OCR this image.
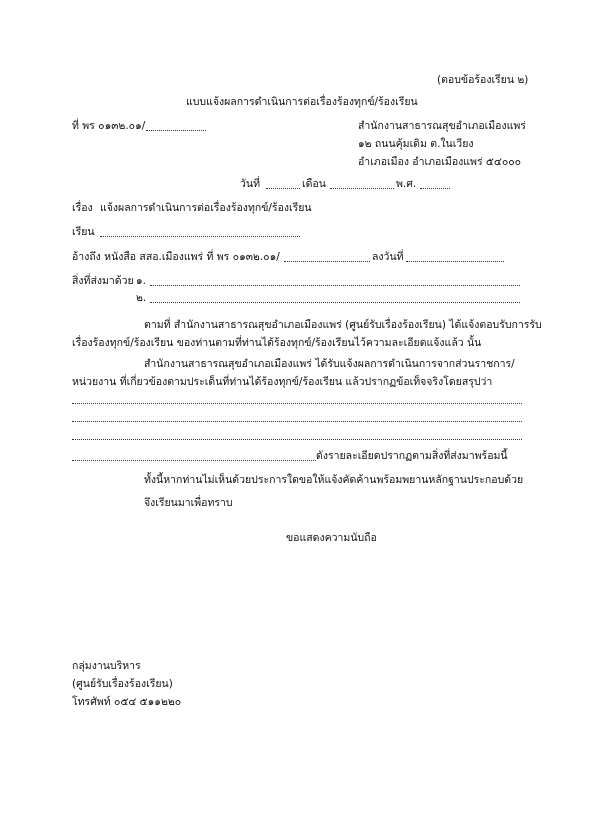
(ตอบข้อร้องเรียน ๒)
แบบแจ้งผลการดำเนินการต่อเรื่องร้องทุกข์/ร้องเรียน
ที่ พร ๐๑๓๒.๐๑/	สำนักงานสาธารณสุขอำเภอเมืองแพร่
๑๒ ถนนคุ้มเดิม ต.ในเวียง
อำเภอเมือง อำเภอเมืองแพร่ ๕๔๐๐๐
วันที่	เดือน	พ.ศ.
เรื่อง แจ้งผลการดำเนินการต่อเรื่องร้องทุกข์/ร้องเรียน
เรียน
อ้างถึง หนังสือ สสอ.เมืองแพร่ ที่ พร ๐๑๓๒.๐๑/	ลงวันที่
สิ่งที่ส่งมาด้วย ๑.
๒.
ตามที่ สำนักงานสาธารณสุขอำเภอเมืองแพร่ (ศูนย์รับเรื่องร้องเรียน) ได้แจ้งตอบรับการรับ
เรื่องร้องทุกข์/ร้องเรียน ของท่านตามที่ท่านได้ร้องทุกข์/ร้องเรียนไว้ความละเอียดแจ้งแล้ว นั้น
สำนักงานสาธารณสุขอำเภอเมืองแพร่ ได้รับแจ้งผลการดำเนินการจากส่วนราชการ/
หน่วยงาน ที่เกี่ยวข้องตามประเด็นที่ท่านได้ร้องทุกข์/ร้องเรียน แล้วปรากฏข้อเท็จจริงโดยสรุปว่า
ดังรายละเอียดปรากฏตามสิ่งที่ส่งมาพร้อมนี้
ทั้งนี้หากท่านไม่เห็นด้วยประการใดขอให้แจ้งคัดค้านพร้อมพยานหลักฐานประกอบด้วย
จึงเรียนมาเพื่อทราบ
ขอแสดงความนับถือ
กลุ่มงานบริหาร
(ศูนย์รับเรื่องร้องเรียน)
โทรศัพท์ ๐๕๔ ๕๑๑๒๒๐
